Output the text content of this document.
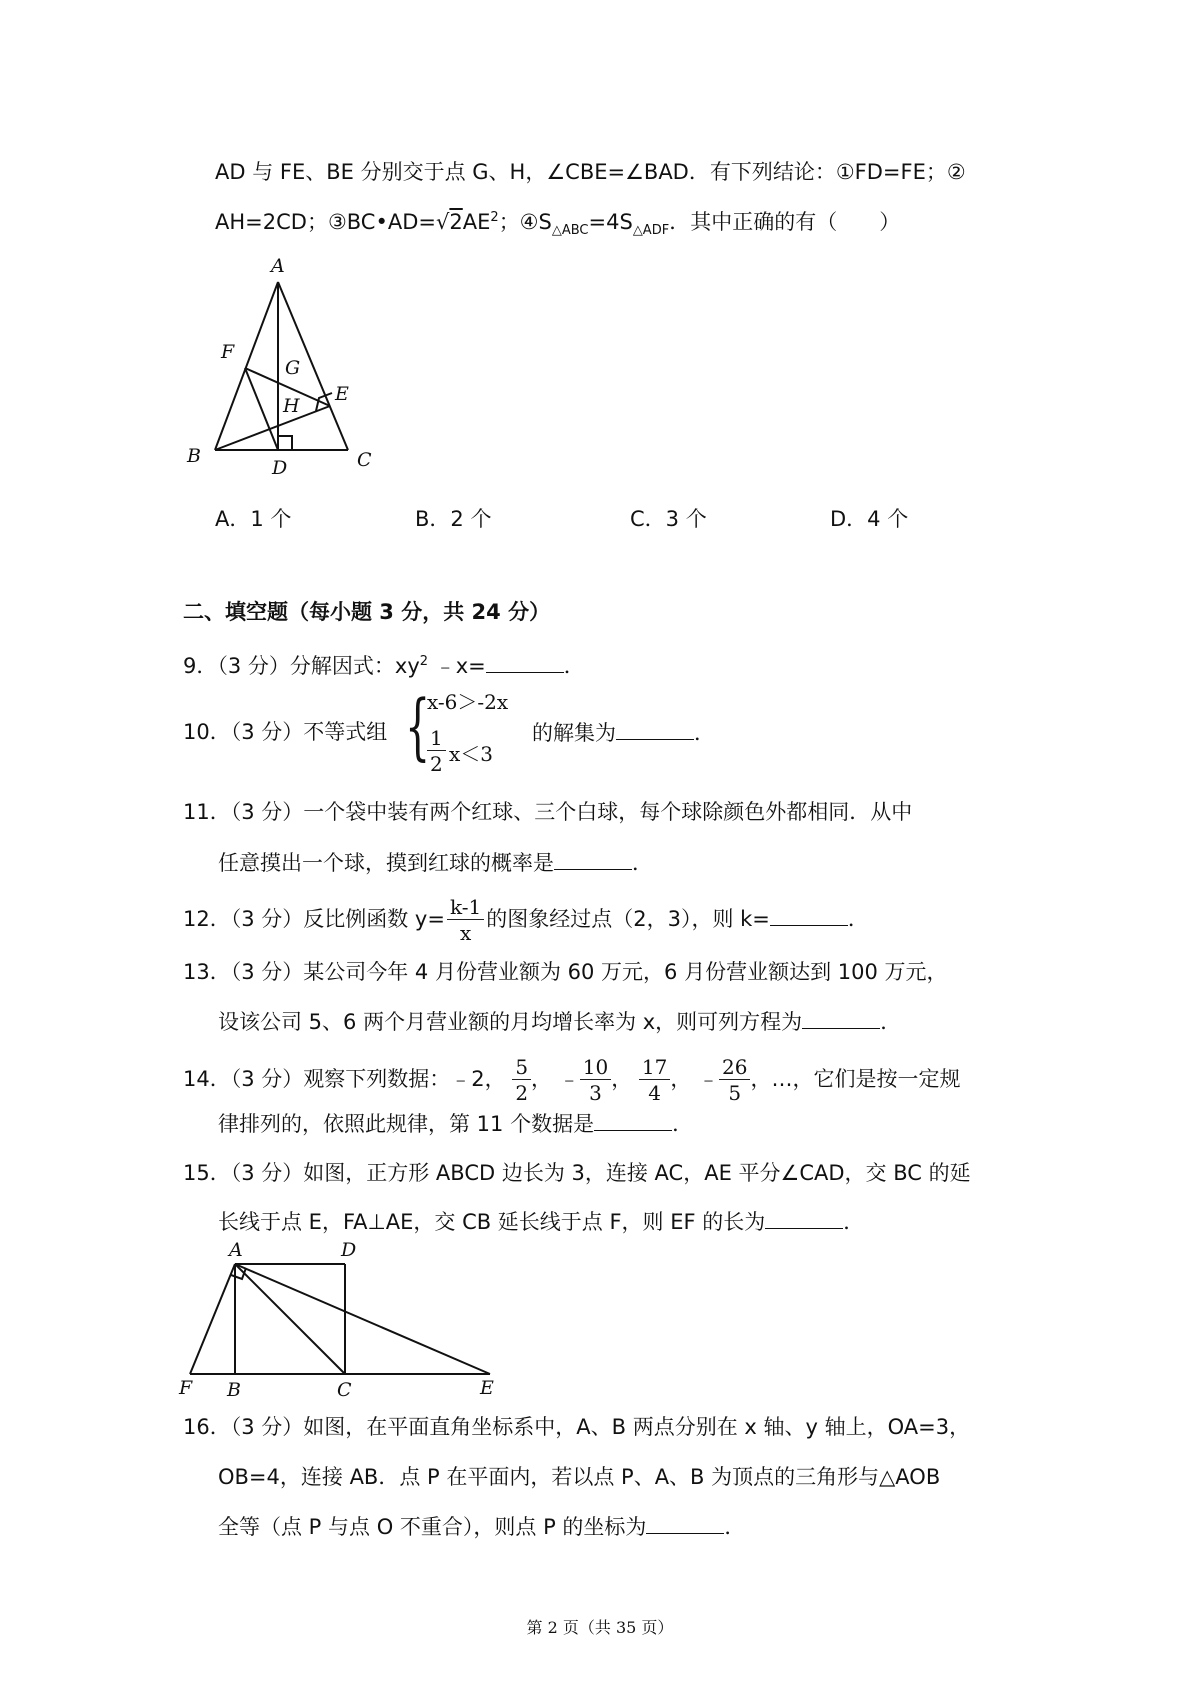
AD 与 FE、BE 分别交于点 G、H，∠CBE=∠BAD．有下列结论：①FD=FE；②
AH=2CD；$③BC•AD=√2AE^2$；$④S_{\triangle ABC}=4S_{\triangle ADF}$．其中正确的有（　　）
A
F
G
E
H
B
D	C
A．1 个	B．2 个	C．3 个	D．4 个
二、填空题（每小题 3 分，共 24 分）
9．（3 分）分解因式：$xy^2$ ﹣x=	．
10．（3 分）不等式组 {
x-6＞-2x
$\frac{1}{2} x<3$
的解集为	．
11．（3 分）一个袋中装有两个红球、三个白球，每个球除颜色外都相同．从中
任意摸出一个球，摸到红球的概率是	．
12．（3 分）反比例函数 $y= \frac{k-1}{x}$ 的图象经过点（2，3），则 k=	．
13．（3 分）某公司今年 4 月份营业额为 60 万元，6 月份营业额达到 100 万元，
设该公司 5、6 两个月营业额的月均增长率为 x，则可列方程为	．
14．（3 分）观察下列数据：﹣2， $\frac{5}{2}$ ， ﹣ $\frac{10}{3}$ ， $\frac{17}{4}$ ， ﹣ $\frac{26}{5}$ ，…，它们是按一定规
律排列的，依照此规律，第 11 个数据是	．
15．（3 分）如图，正方形 ABCD 边长为 3，连接 AC，AE 平分∠CAD，交 BC 的延
长线于点 E，FA⊥AE，交 CB 延长线于点 F，则 EF 的长为	．
A	D
F B	C	E
16．（3 分）如图，在平面直角坐标系中，A、B 两点分别在 x 轴、y 轴上，OA=3，
OB=4，连接 AB．点 P 在平面内，若以点 P、A、B 为顶点的三角形与△AOB
全等（点 P 与点 O 不重合），则点 P 的坐标为	．
第 2 页（共 35 页）
